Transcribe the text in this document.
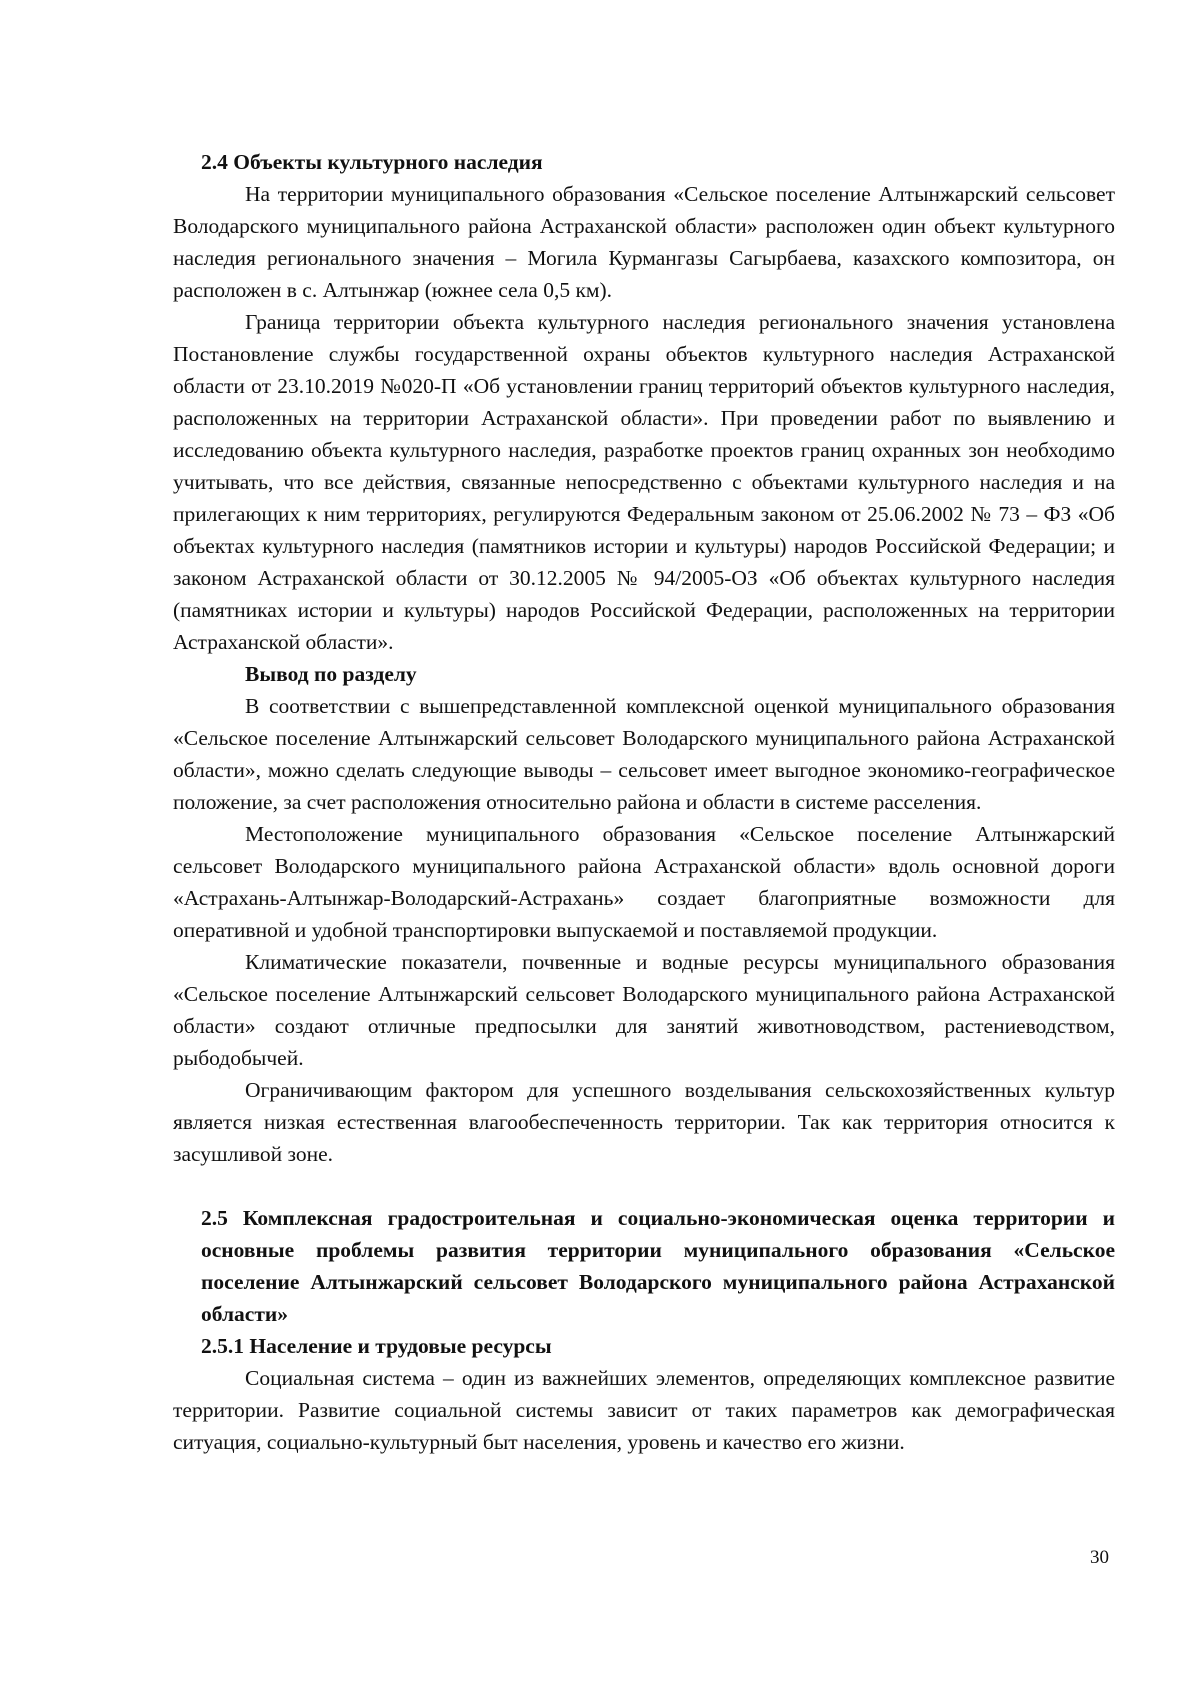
2.4 Объекты культурного наследия

На территории муниципального образования «Сельское поселение Алтынжарский сельсовет Володарского муниципального района Астраханской области» расположен один объект культурного наследия регионального значения – Могила Курмангазы Сагырбаева, казахского композитора, он расположен в с. Алтынжар (южнее села 0,5 км).

Граница территории объекта культурного наследия регионального значения установлена Постановление службы государственной охраны объектов культурного наследия Астраханской области от 23.10.2019 №020-П «Об установлении границ территорий объектов культурного наследия, расположенных на территории Астраханской области». При проведении работ по выявлению и исследованию объекта культурного наследия, разработке проектов границ охранных зон необходимо учитывать, что все действия, связанные непосредственно с объектами культурного наследия и на прилегающих к ним территориях, регулируются Федеральным законом от 25.06.2002 № 73 – ФЗ «Об объектах культурного наследия (памятников истории и культуры) народов Российской Федерации; и законом Астраханской области от 30.12.2005 № 94/2005-ОЗ «Об объектах культурного наследия (памятниках истории и культуры) народов Российской Федерации, расположенных на территории Астраханской области».

Вывод по разделу

В соответствии с вышепредставленной комплексной оценкой муниципального образования «Сельское поселение Алтынжарский сельсовет Володарского муниципального района Астраханской области», можно сделать следующие выводы – сельсовет имеет выгодное экономико-географическое положение, за счет расположения относительно района и области в системе расселения.

Местоположение муниципального образования «Сельское поселение Алтынжарский сельсовет Володарского муниципального района Астраханской области» вдоль основной дороги «Астрахань-Алтынжар-Володарский-Астрахань» создает благоприятные возможности для оперативной и удобной транспортировки выпускаемой и поставляемой продукции.

Климатические показатели, почвенные и водные ресурсы муниципального образования «Сельское поселение Алтынжарский сельсовет Володарского муниципального района Астраханской области» создают отличные предпосылки для занятий животноводством, растениеводством, рыбодобычей.

Ограничивающим фактором для успешного возделывания сельскохозяйственных культур является низкая естественная влагообеспеченность территории. Так как территория относится к засушливой зоне.

2.5 Комплексная градостроительная и социально-экономическая оценка территории и основные проблемы развития территории муниципального образования «Сельское поселение Алтынжарский сельсовет Володарского муниципального района Астраханской области»
2.5.1 Население и трудовые ресурсы

Социальная система – один из важнейших элементов, определяющих комплексное развитие территории. Развитие социальной системы зависит от таких параметров как демографическая ситуация, социально-культурный быт населения, уровень и качество его жизни.

30
